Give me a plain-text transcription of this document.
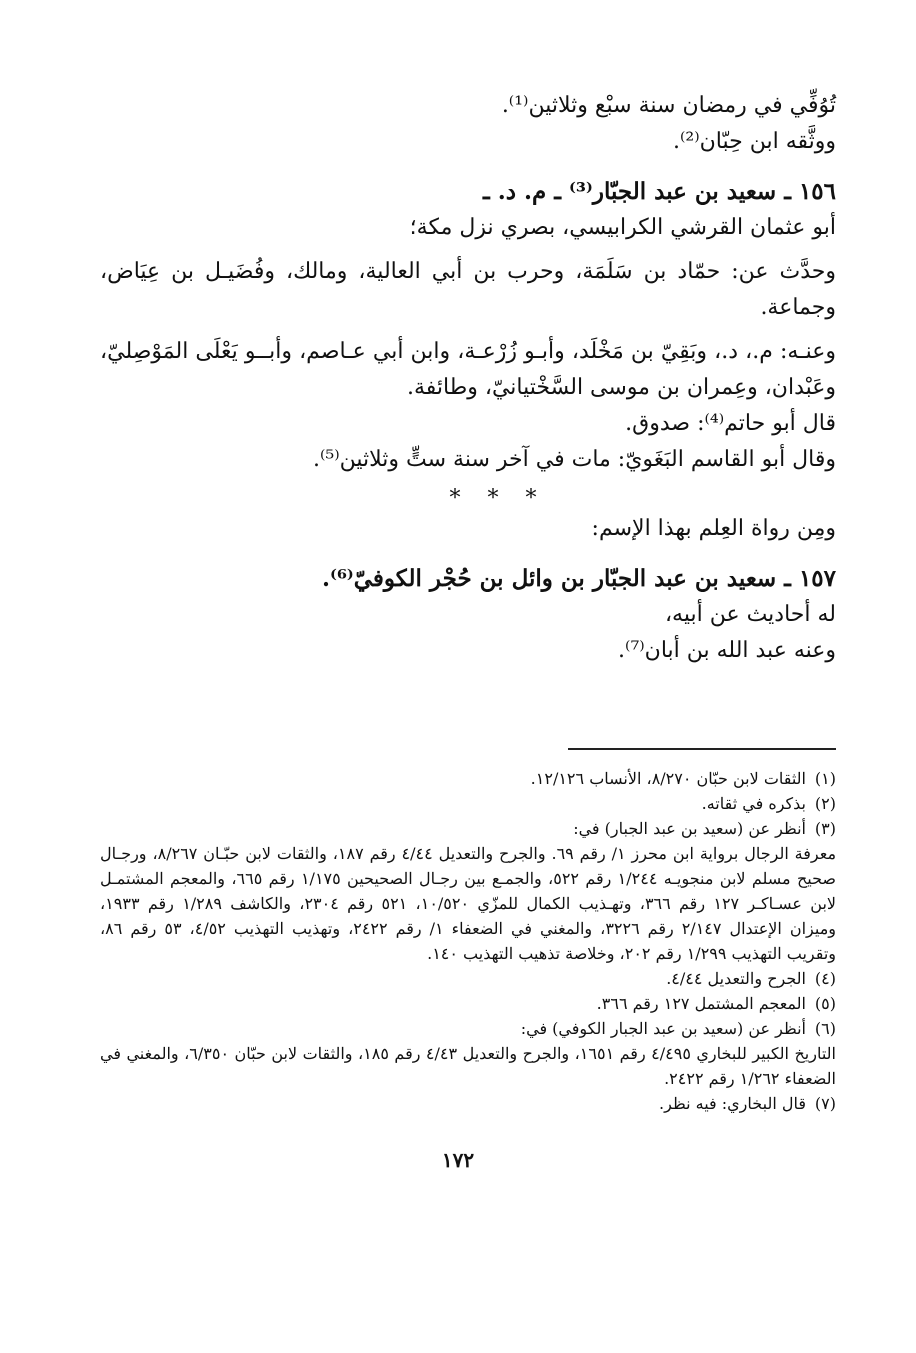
تُوُفِّي في رمضان سنة سبْع وثلاثين⁽¹⁾.
ووثَّقه ابن حِبّان⁽²⁾.
١٥٦ ـ سعيد بن عبد الجبّار⁽³⁾ ـ م. د. ـ
أبو عثمان القرشي الكرابيسي، بصري نزل مكة؛
وحدَّث عن: حمّاد بن سَلَمَة، وحرب بن أبي العالية، ومالك، وفُضَيـل بن عِيَاض، وجماعة.
وعنـه: م.، د.، وبَقِيّ بن مَخْلَد، وأبـو زُرْعـة، وابن أبي عـاصم، وأبــو يَعْلَى المَوْصِليّ، وعَبْدان، وعِمران بن موسى السَّخْتيانيّ، وطائفة.
قال أبو حاتم⁽⁴⁾: صدوق.
وقال أبو القاسم البَغَويّ: مات في آخر سنة ستٍّ وثلاثين⁽⁵⁾.
* * *
ومِن رواة العِلم بهذا الإسم:
١٥٧ ـ سعيد بن عبد الجبّار بن وائل بن حُجْر الكوفيّ⁽⁶⁾.
له أحاديث عن أبيه،
وعنه عبد الله بن أبان⁽⁷⁾.
(١)
الثقات لابن حبّان ٨/٢٧٠، الأنساب ١٢/١٢٦.
(٢)
بذكره في ثقاته.
(٣)
أنظر عن (سعيد بن عبد الجبار) في:
معرفة الرجال برواية ابن محرز ١/ رقم ٦٩. والجرح والتعديل ٤/٤٤ رقم ١٨٧، والثقات لابن حبّـان ٨/٢٦٧، ورجـال صحيح مسلم لابن منجويـه ١/٢٤٤ رقم ٥٢٢، والجمـع بين رجـال الصحيحين ١/١٧٥ رقم ٦٦٥، والمعجم المشتمـل لابن عسـاكـر ١٢٧ رقم ٣٦٦، وتهـذيب الكمال للمزّي ١٠/٥٢٠، ٥٢١ رقم ٢٣٠٤، والكاشف ١/٢٨٩ رقم ١٩٣٣، وميزان الإعتدال ٢/١٤٧ رقم ٣٢٢٦، والمغني في الضعفاء ١/ رقم ٢٤٢٢، وتهذيب التهذيب ٤/٥٢، ٥٣ رقم ٨٦، وتقريب التهذيب ١/٢٩٩ رقم ٢٠٢، وخلاصة تذهيب التهذيب ١٤٠.
(٤)
الجرح والتعديل ٤/٤٤.
(٥)
المعجم المشتمل ١٢٧ رقم ٣٦٦.
(٦)
أنظر عن (سعيد بن عبد الجبار الكوفي) في:
التاريخ الكبير للبخاري ٤/٤٩٥ رقم ١٦٥١، والجرح والتعديل ٤/٤٣ رقم ١٨٥، والثقات لابن حبّان ٦/٣٥٠، والمغني في الضعفاء ١/٢٦٢ رقم ٢٤٢٢.
(٧)
قال البخاري: فيه نظر.
١٧٢
